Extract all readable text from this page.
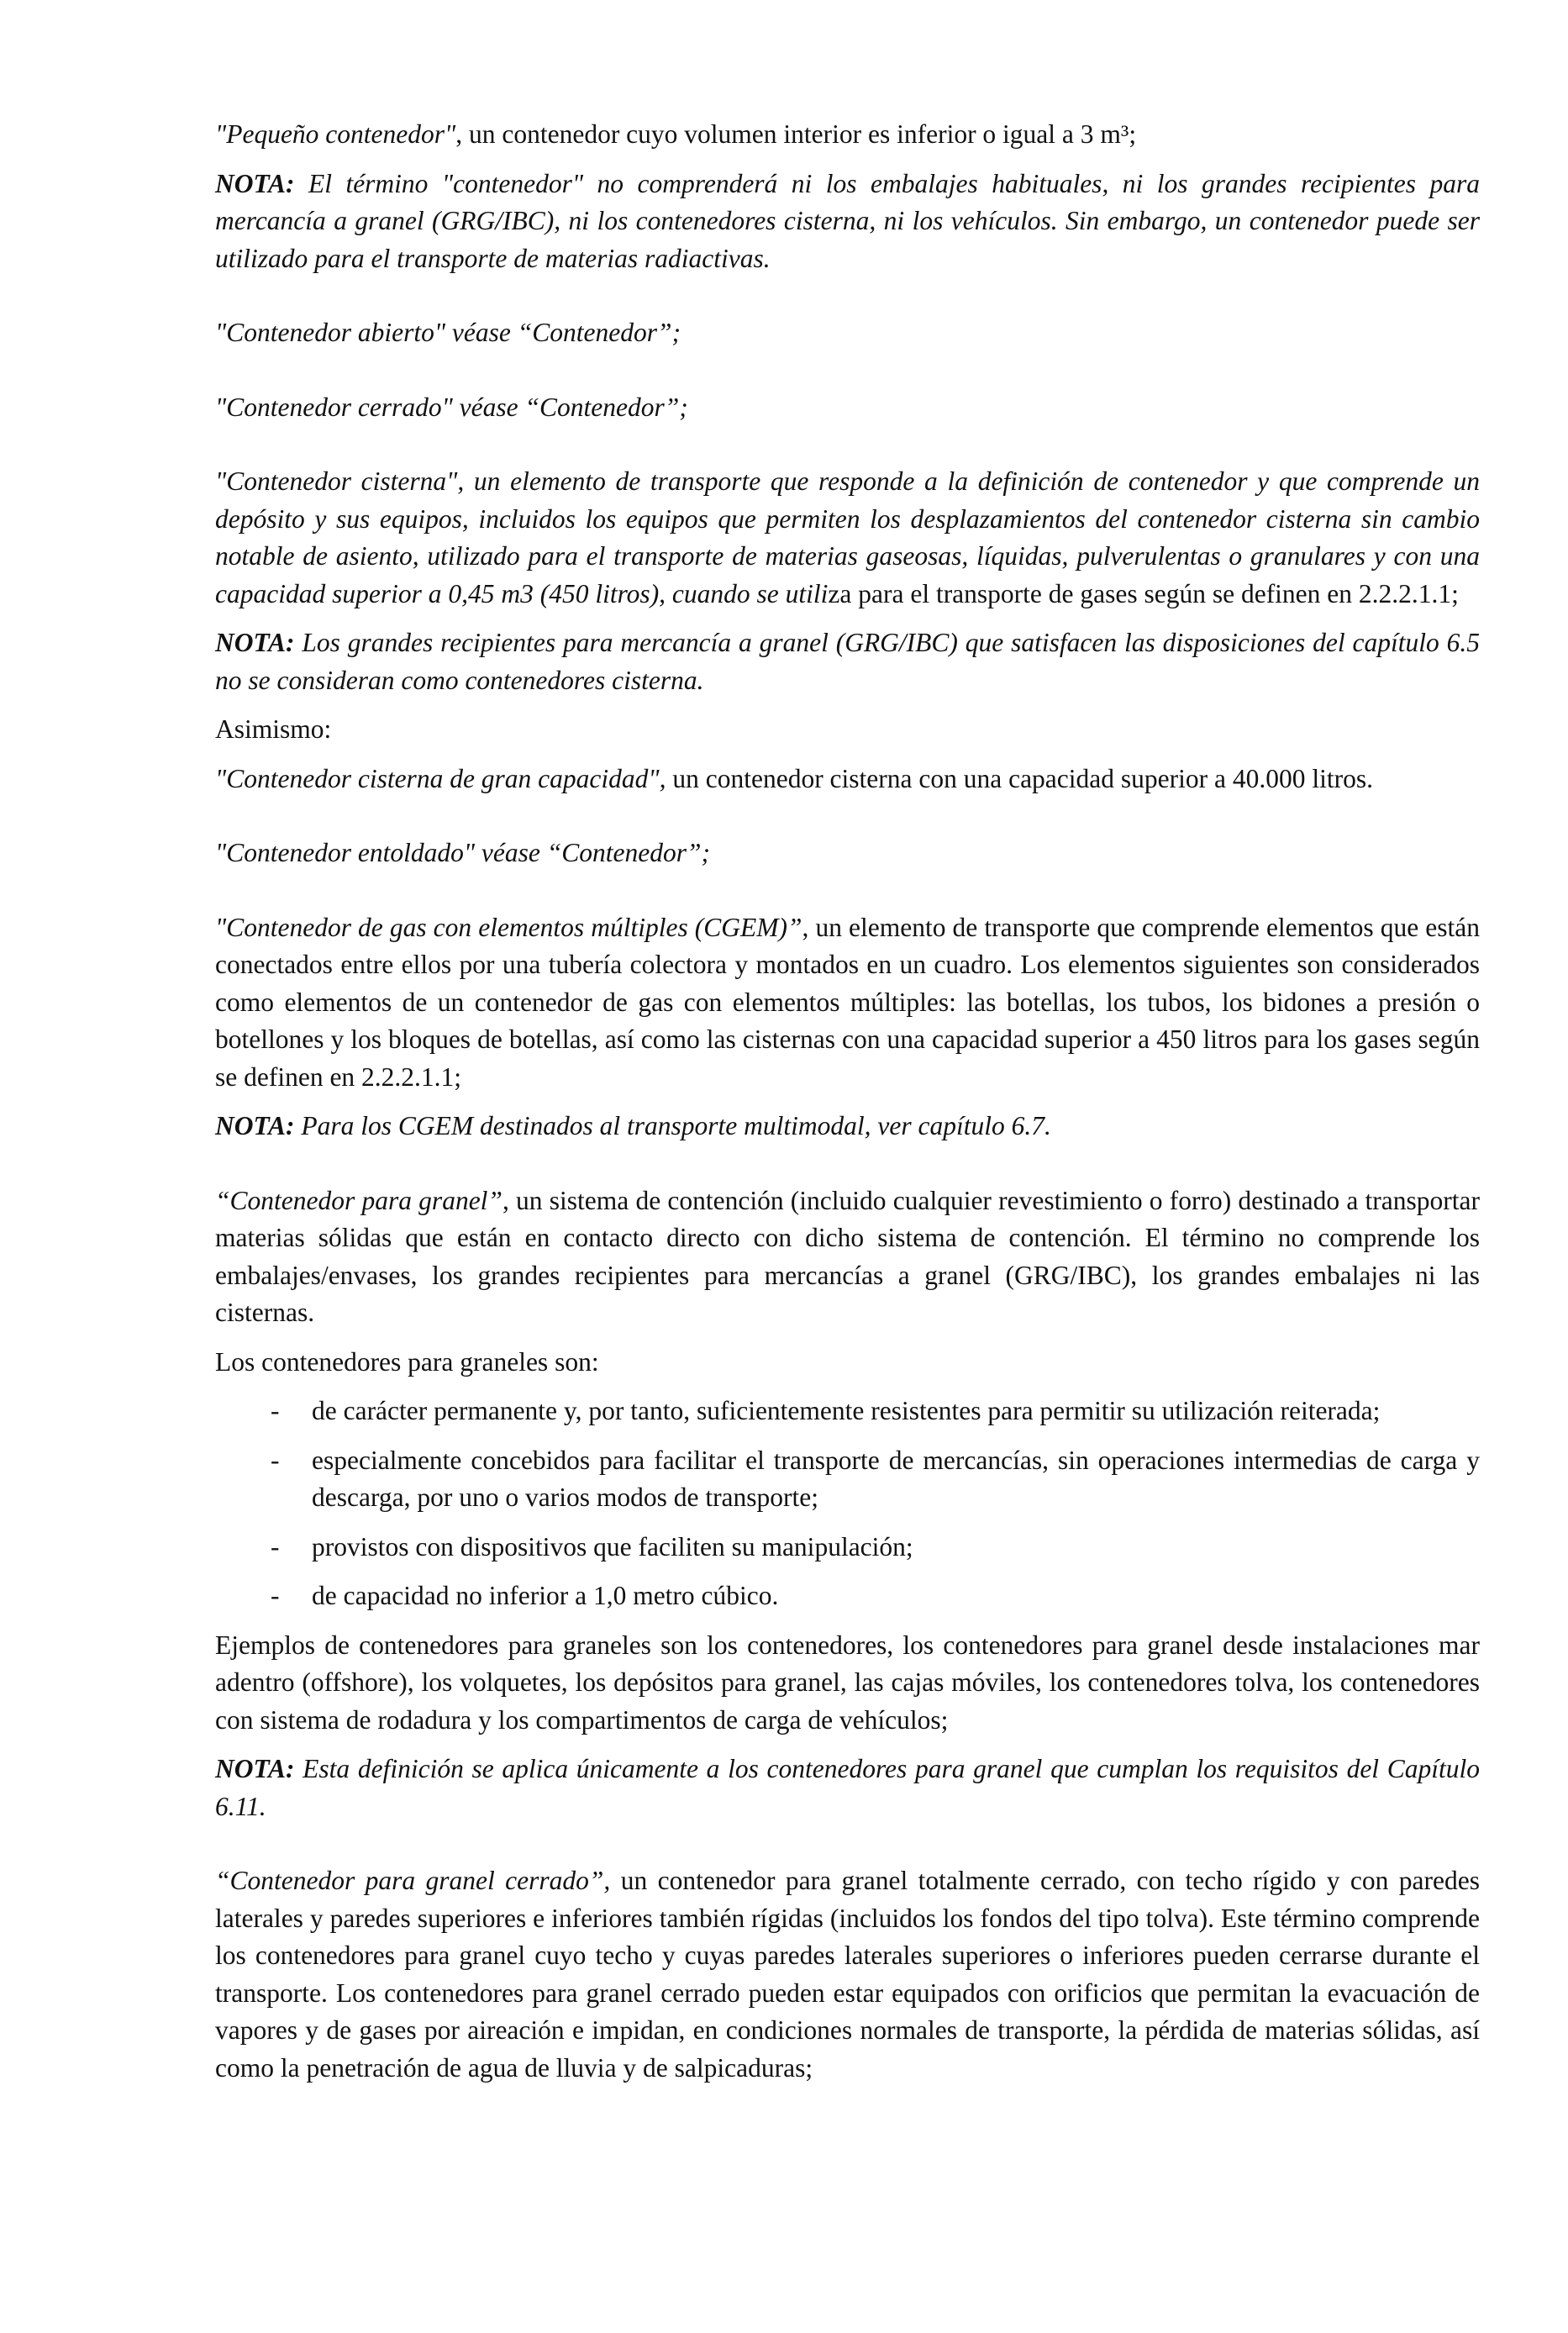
"Pequeño contenedor", un contenedor cuyo volumen interior es inferior o igual a 3 m³;

NOTA: El término "contenedor" no comprenderá ni los embalajes habituales, ni los grandes recipientes para mercancía a granel (GRG/IBC), ni los contenedores cisterna, ni los vehículos. Sin embargo, un contenedor puede ser utilizado para el transporte de materias radiactivas.

"Contenedor abierto" véase “Contenedor”;

"Contenedor cerrado" véase “Contenedor”;

"Contenedor cisterna", un elemento de transporte que responde a la definición de contenedor y que comprende un depósito y sus equipos, incluidos los equipos que permiten los desplazamientos del contenedor cisterna sin cambio notable de asiento, utilizado para el transporte de materias gaseosas, líquidas, pulverulentas o granulares y con una capacidad superior a 0,45 m3 (450 litros), cuando se utiliza para el transporte de gases según se definen en 2.2.2.1.1;

NOTA: Los grandes recipientes para mercancía a granel (GRG/IBC) que satisfacen las disposiciones del capítulo 6.5 no se consideran como contenedores cisterna.

Asimismo:

"Contenedor cisterna de gran capacidad", un contenedor cisterna con una capacidad superior a 40.000 litros.

"Contenedor entoldado" véase “Contenedor”;

"Contenedor de gas con elementos múltiples (CGEM)”, un elemento de transporte que comprende elementos que están conectados entre ellos por una tubería colectora y montados en un cuadro. Los elementos siguientes son considerados como elementos de un contenedor de gas con elementos múltiples: las botellas, los tubos, los bidones a presión o botellones y los bloques de botellas, así como las cisternas con una capacidad superior a 450 litros para los gases según se definen en 2.2.2.1.1;

NOTA: Para los CGEM destinados al transporte multimodal, ver capítulo 6.7.

“Contenedor para granel”, un sistema de contención (incluido cualquier revestimiento o forro) destinado a transportar materias sólidas que están en contacto directo con dicho sistema de contención. El término no comprende los embalajes/envases, los grandes recipientes para mercancías a granel (GRG/IBC), los grandes embalajes ni las cisternas.

Los contenedores para graneles son:

- de carácter permanente y, por tanto, suficientemente resistentes para permitir su utilización reiterada;
- especialmente concebidos para facilitar el transporte de mercancías, sin operaciones intermedias de carga y descarga, por uno o varios modos de transporte;
- provistos con dispositivos que faciliten su manipulación;
- de capacidad no inferior a 1,0 metro cúbico.

Ejemplos de contenedores para graneles son los contenedores, los contenedores para granel desde instalaciones mar adentro (offshore), los volquetes, los depósitos para granel, las cajas móviles, los contenedores tolva, los contenedores con sistema de rodadura y los compartimentos de carga de vehículos;

NOTA: Esta definición se aplica únicamente a los contenedores para granel que cumplan los requisitos del Capítulo 6.11.

“Contenedor para granel cerrado”, un contenedor para granel totalmente cerrado, con techo rígido y con paredes laterales y paredes superiores e inferiores también rígidas (incluidos los fondos del tipo tolva). Este término comprende los contenedores para granel cuyo techo y cuyas paredes laterales superiores o inferiores pueden cerrarse durante el transporte. Los contenedores para granel cerrado pueden estar equipados con orificios que permitan la evacuación de vapores y de gases por aireación e impidan, en condiciones normales de transporte, la pérdida de materias sólidas, así como la penetración de agua de lluvia y de salpicaduras;
